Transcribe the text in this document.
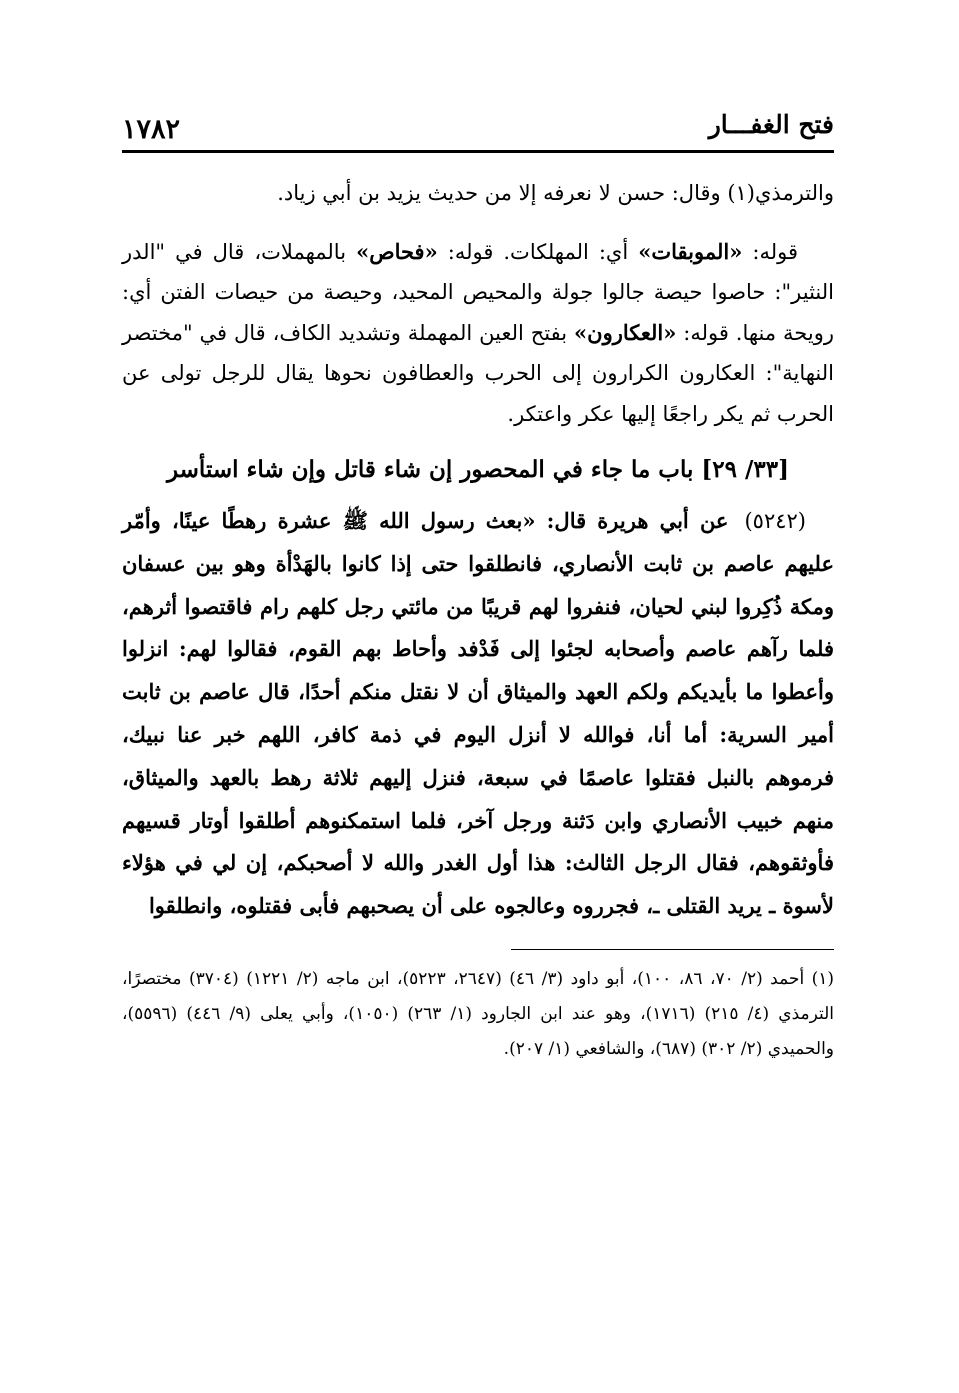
فتح الغفـــار
١٧٨٢

والترمذي(١) وقال: حسن لا نعرفه إلا من حديث يزيد بن أبي زياد.

قوله: «الموبقات» أي: المهلكات. قوله: «فحاص» بالمهملات، قال في "الدر النثير": حاصوا حيصة جالوا جولة والمحيص المحيد، وحيصة من حيصات الفتن أي: رويحة منها. قوله: «العكارون» بفتح العين المهملة وتشديد الكاف، قال في "مختصر النهاية": العكارون الكرارون إلى الحرب والعطافون نحوها يقال للرجل تولى عن الحرب ثم يكر راجعًا إليها عكر واعتكر.

[٣٣/ ٢٩] باب ما جاء في المحصور إن شاء قاتل وإن شاء استأسر

(٥٢٤٢)عن أبي هريرة قال: «بعث رسول الله ﷺ عشرة رهطًا عينًا، وأمّر عليهم عاصم بن ثابت الأنصاري، فانطلقوا حتى إذا كانوا بالهَدْأة وهو بين عسفان ومكة ذُكِروا لبني لحيان، فنفروا لهم قريبًا من مائتي رجل كلهم رام فاقتصوا أثرهم، فلما رآهم عاصم وأصحابه لجئوا إلى فَدْفد وأحاط بهم القوم، فقالوا لهم: انزلوا وأعطوا ما بأيديكم ولكم العهد والميثاق أن لا نقتل منكم أحدًا، قال عاصم بن ثابت أمير السرية: أما أنا، فوالله لا أنزل اليوم في ذمة كافر، اللهم خبر عنا نبيك، فرموهم بالنبل فقتلوا عاصمًا في سبعة، فنزل إليهم ثلاثة رهط بالعهد والميثاق، منهم خبيب الأنصاري وابن دَثنة ورجل آخر، فلما استمكنوهم أطلقوا أوتار قسيهم فأوثقوهم، فقال الرجل الثالث: هذا أول الغدر والله لا أصحبكم، إن لي في هؤلاء لأسوة ـ يريد القتلى ـ، فجرروه وعالجوه على أن يصحبهم فأبى فقتلوه، وانطلقوا

(١) أحمد (٢/ ٧٠، ٨٦، ١٠٠)، أبو داود (٣/ ٤٦) (٢٦٤٧، ٥٢٢٣)، ابن ماجه (٢/ ١٢٢١) (٣٧٠٤) مختصرًا، الترمذي (٤/ ٢١٥) (١٧١٦)، وهو عند ابن الجارود (١/ ٢٦٣) (١٠٥٠)، وأبي يعلى (٩/ ٤٤٦) (٥٥٩٦)، والحميدي (٢/ ٣٠٢) (٦٨٧)، والشافعي (١/ ٢٠٧).
